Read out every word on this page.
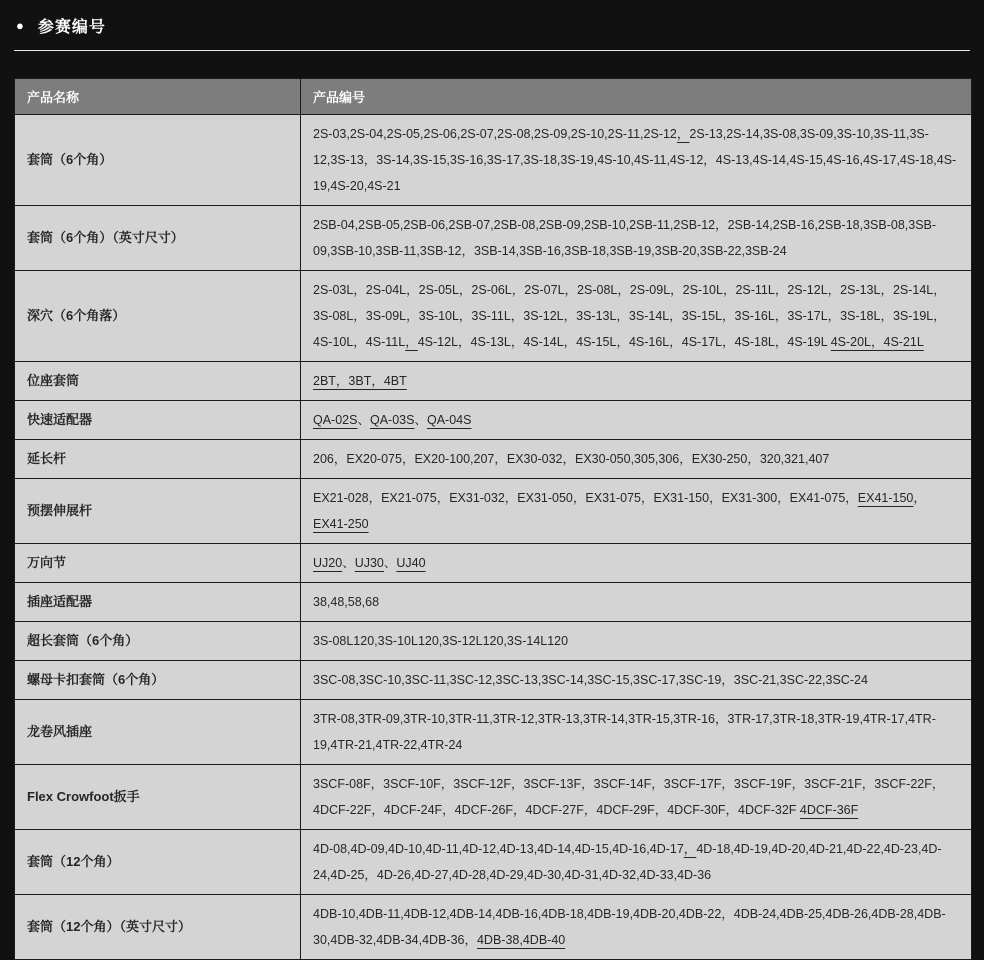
● 参赛编号
产品名称	产品编号
套筒（6个角）	2S-03,2S-04,2S-05,2S-06,2S-07,2S-08,2S-09,2S-10,2S-11,2S-12，2S-13,2S-14,3S-08,3S-09,3S-10,3S-11,3S-12,3S-13，3S-14,3S-15,3S-16,3S-17,3S-18,3S-19,4S-10,4S-11,4S-12，4S-13,4S-14,4S-15,4S-16,4S-17,4S-18,4S-19,4S-20,4S-21
套筒（6个角）（英寸尺寸）	2SB-04,2SB-05,2SB-06,2SB-07,2SB-08,2SB-09,2SB-10,2SB-11,2SB-12，2SB-14,2SB-16,2SB-18,3SB-08,3SB-09,3SB-10,3SB-11,3SB-12，3SB-14,3SB-16,3SB-18,3SB-19,3SB-20,3SB-22,3SB-24
深穴（6个角落）	2S-03L，2S-04L，2S-05L，2S-06L，2S-07L，2S-08L，2S-09L，2S-10L，2S-11L，2S-12L，2S-13L，2S-14L，3S-08L，3S-09L，3S-10L，3S-11L，3S-12L，3S-13L，3S-14L，3S-15L，3S-16L，3S-17L，3S-18L，3S-19L，4S-10L，4S-11L，4S-12L，4S-13L，4S-14L，4S-15L，4S-16L，4S-17L，4S-18L，4S-19L 4S-20L，4S-21L
位座套筒	2BT，3BT，4BT
快速适配器	QA-02S、QA-03S、QA-04S
延长杆	206，EX20-075，EX20-100,207，EX30-032，EX30-050,305,306，EX30-250，320,321,407
预摆伸展杆	EX21-028，EX21-075，EX31-032，EX31-050，EX31-075，EX31-150，EX31-300，EX41-075，EX41-150，EX41-250
万向节	UJ20、UJ30、UJ40
插座适配器	38,48,58,68
超长套筒（6个角）	3S-08L120,3S-10L120,3S-12L120,3S-14L120
螺母卡扣套筒（6个角）	3SC-08,3SC-10,3SC-11,3SC-12,3SC-13,3SC-14,3SC-15,3SC-17,3SC-19，3SC-21,3SC-22,3SC-24
龙卷风插座	3TR-08,3TR-09,3TR-10,3TR-11,3TR-12,3TR-13,3TR-14,3TR-15,3TR-16，3TR-17,3TR-18,3TR-19,4TR-17,4TR-19,4TR-21,4TR-22,4TR-24
Flex Crowfoot扳手	3SCF-08F，3SCF-10F，3SCF-12F，3SCF-13F，3SCF-14F，3SCF-17F，3SCF-19F，3SCF-21F，3SCF-22F，4DCF-22F，4DCF-24F，4DCF-26F，4DCF-27F，4DCF-29F，4DCF-30F，4DCF-32F 4DCF-36F
套筒（12个角）	4D-08,4D-09,4D-10,4D-11,4D-12,4D-13,4D-14,4D-15,4D-16,4D-17，4D-18,4D-19,4D-20,4D-21,4D-22,4D-23,4D-24,4D-25，4D-26,4D-27,4D-28,4D-29,4D-30,4D-31,4D-32,4D-33,4D-36
套筒（12个角）（英寸尺寸）	4DB-10,4DB-11,4DB-12,4DB-14,4DB-16,4DB-18,4DB-19,4DB-20,4DB-22，4DB-24,4DB-25,4DB-26,4DB-28,4DB-30,4DB-32,4DB-34,4DB-36，4DB-38,4DB-40
